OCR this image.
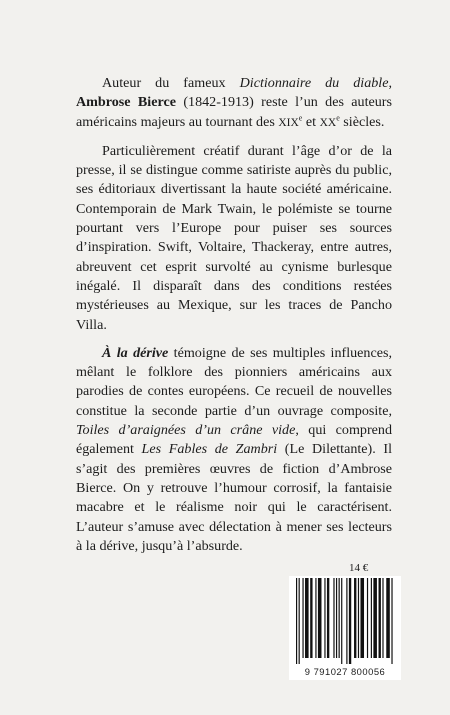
Auteur du fameux Dictionnaire du diable, Ambrose Bierce (1842-1913) reste l’un des auteurs américains majeurs au tournant des XIXe et XXe siècles.

Particulièrement créatif durant l’âge d’or de la presse, il se distingue comme satiriste auprès du public, ses éditoriaux divertissant la haute société américaine. Contemporain de Mark Twain, le polémiste se tourne pourtant vers l’Europe pour puiser ses sources d’inspiration. Swift, Voltaire, Thackeray, entre autres, abreuvent cet esprit survolté au cynisme burlesque inégalé. Il disparaît dans des conditions restées mystérieuses au Mexique, sur les traces de Pancho Villa.

À la dérive témoigne de ses multiples influences, mêlant le folklore des pionniers américains aux parodies de contes européens. Ce recueil de nouvelles constitue la seconde partie d’un ouvrage composite, Toiles d’araignées d’un crâne vide, qui comprend également Les Fables de Zambri (Le Dilettante). Il s’agit des premières œuvres de fiction d’Ambrose Bierce. On y retrouve l’humour corrosif, la fantaisie macabre et le réalisme noir qui le caractérisent. L’auteur s’amuse avec délectation à mener ses lecteurs à la dérive, jusqu’à l’absurde.

14 €
9 791027 800056
